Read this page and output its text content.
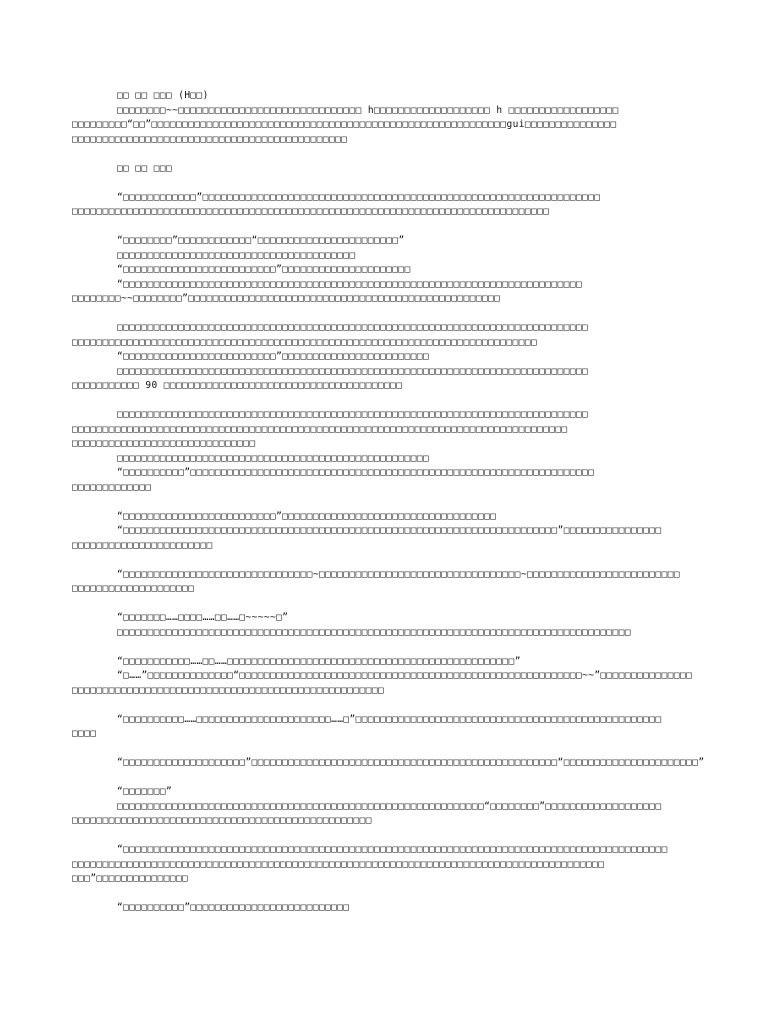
□□ □□ □□□ (H□□)
□□□□□□□□~~□□□□□□□□□□□□□□□□□□□□□□□□□□□□□□ h□□□□□□□□□□□□□□□□□□□ h □□□□□□□□□□□□□□□□□□
□□□□□□□□□“□□”□□□□□□□□□□□□□□□□□□□□□□□□□□□□□□□□□□□□□□□□□□□□□□□□□□□□□□□□□□gui□□□□□□□□□□□□□□□
□□□□□□□□□□□□□□□□□□□□□□□□□□□□□□□□□□□□□□□□□□□□□
□□ □□ □□□
“□□□□□□□□□□□□”□□□□□□□□□□□□□□□□□□□□□□□□□□□□□□□□□□□□□□□□□□□□□□□□□□□□□□□□□□□□□□□□□
□□□□□□□□□□□□□□□□□□□□□□□□□□□□□□□□□□□□□□□□□□□□□□□□□□□□□□□□□□□□□□□□□□□□□□□□□□□□□□
“□□□□□□□□”□□□□□□□□□□□□“□□□□□□□□□□□□□□□□□□□□□□□”
□□□□□□□□□□□□□□□□□□□□□□□□□□□□□□□□□□□□□□□
“□□□□□□□□□□□□□□□□□□□□□□□□□”□□□□□□□□□□□□□□□□□□□□□
“□□□□□□□□□□□□□□□□□□□□□□□□□□□□□□□□□□□□□□□□□□□□□□□□□□□□□□□□□□□□□□□□□□□□□□□□□□□
□□□□□□□□~~□□□□□□□□”□□□□□□□□□□□□□□□□□□□□□□□□□□□□□□□□□□□□□□□□□□□□□□□□□□□
□□□□□□□□□□□□□□□□□□□□□□□□□□□□□□□□□□□□□□□□□□□□□□□□□□□□□□□□□□□□□□□□□□□□□□□□□□□□□
□□□□□□□□□□□□□□□□□□□□□□□□□□□□□□□□□□□□□□□□□□□□□□□□□□□□□□□□□□□□□□□□□□□□□□□□□□□□
“□□□□□□□□□□□□□□□□□□□□□□□□□”□□□□□□□□□□□□□□□□□□□□□□□□
□□□□□□□□□□□□□□□□□□□□□□□□□□□□□□□□□□□□□□□□□□□□□□□□□□□□□□□□□□□□□□□□□□□□□□□□□□□□□
□□□□□□□□□□□ 90 □□□□□□□□□□□□□□□□□□□□□□□□□□□□□□□□□□□□□□□
□□□□□□□□□□□□□□□□□□□□□□□□□□□□□□□□□□□□□□□□□□□□□□□□□□□□□□□□□□□□□□□□□□□□□□□□□□□□□
□□□□□□□□□□□□□□□□□□□□□□□□□□□□□□□□□□□□□□□□□□□□□□□□□□□□□□□□□□□□□□□□□□□□□□□□□□□□□□□□□
□□□□□□□□□□□□□□□□□□□□□□□□□□□□□□
□□□□□□□□□□□□□□□□□□□□□□□□□□□□□□□□□□□□□□□□□□□□□□□□□□□
“□□□□□□□□□□”□□□□□□□□□□□□□□□□□□□□□□□□□□□□□□□□□□□□□□□□□□□□□□□□□□□□□□□□□□□□□□□□□□
□□□□□□□□□□□□□
“□□□□□□□□□□□□□□□□□□□□□□□□□”□□□□□□□□□□□□□□□□□□□□□□□□□□□□□□□□□□□
“□□□□□□□□□□□□□□□□□□□□□□□□□□□□□□□□□□□□□□□□□□□□□□□□□□□□□□□□□□□□□□□□□□□□□□□”□□□□□□□□□□□□□□□□
□□□□□□□□□□□□□□□□□□□□□□□
“□□□□□□□□□□□□□□□□□□□□□□□□□□□□□□□~□□□□□□□□□□□□□□□□□□□□□□□□□□□□□□□□□~□□□□□□□□□□□□□□□□□□□□□□□□□
□□□□□□□□□□□□□□□□□□□□
“□□□□□□□……□□□□……□□……□~~~~~□”
□□□□□□□□□□□□□□□□□□□□□□□□□□□□□□□□□□□□□□□□□□□□□□□□□□□□□□□□□□□□□□□□□□□□□□□□□□□□□□□□□□□□
“□□□□□□□□□□□……□□……□□□□□□□□□□□□□□□□□□□□□□□□□□□□□□□□□□□□□□□□□□□□□□□”
“□……”□□□□□□□□□□□□□□“□□□□□□□□□□□□□□□□□□□□□□□□□□□□□□□□□□□□□□□□□□□□□□□□□□□□□□□□~~”□□□□□□□□□□□□□□□
□□□□□□□□□□□□□□□□□□□□□□□□□□□□□□□□□□□□□□□□□□□□□□□□□□□
“□□□□□□□□□□……□□□□□□□□□□□□□□□□□□□□□□……□”□□□□□□□□□□□□□□□□□□□□□□□□□□□□□□□□□□□□□□□□□□□□□□□□□□
□□□□
“□□□□□□□□□□□□□□□□□□□□”□□□□□□□□□□□□□□□□□□□□□□□□□□□□□□□□□□□□□□□□□□□□□□□□□□“□□□□□□□□□□□□□□□□□□□□□□”
“□□□□□□□”
□□□□□□□□□□□□□□□□□□□□□□□□□□□□□□□□□□□□□□□□□□□□□□□□□□□□□□□□□□□□“□□□□□□□□”□□□□□□□□□□□□□□□□□□□
□□□□□□□□□□□□□□□□□□□□□□□□□□□□□□□□□□□□□□□□□□□□□□□□□
“□□□□□□□□□□□□□□□□□□□□□□□□□□□□□□□□□□□□□□□□□□□□□□□□□□□□□□□□□□□□□□□□□□□□□□□□□□□□□□□□□□□□□□□□□
□□□□□□□□□□□□□□□□□□□□□□□□□□□□□□□□□□□□□□□□□□□□□□□□□□□□□□□□□□□□□□□□□□□□□□□□□□□□□□□□□□□□□□□
□□□”□□□□□□□□□□□□□□□
“□□□□□□□□□□”□□□□□□□□□□□□□□□□□□□□□□□□□□
